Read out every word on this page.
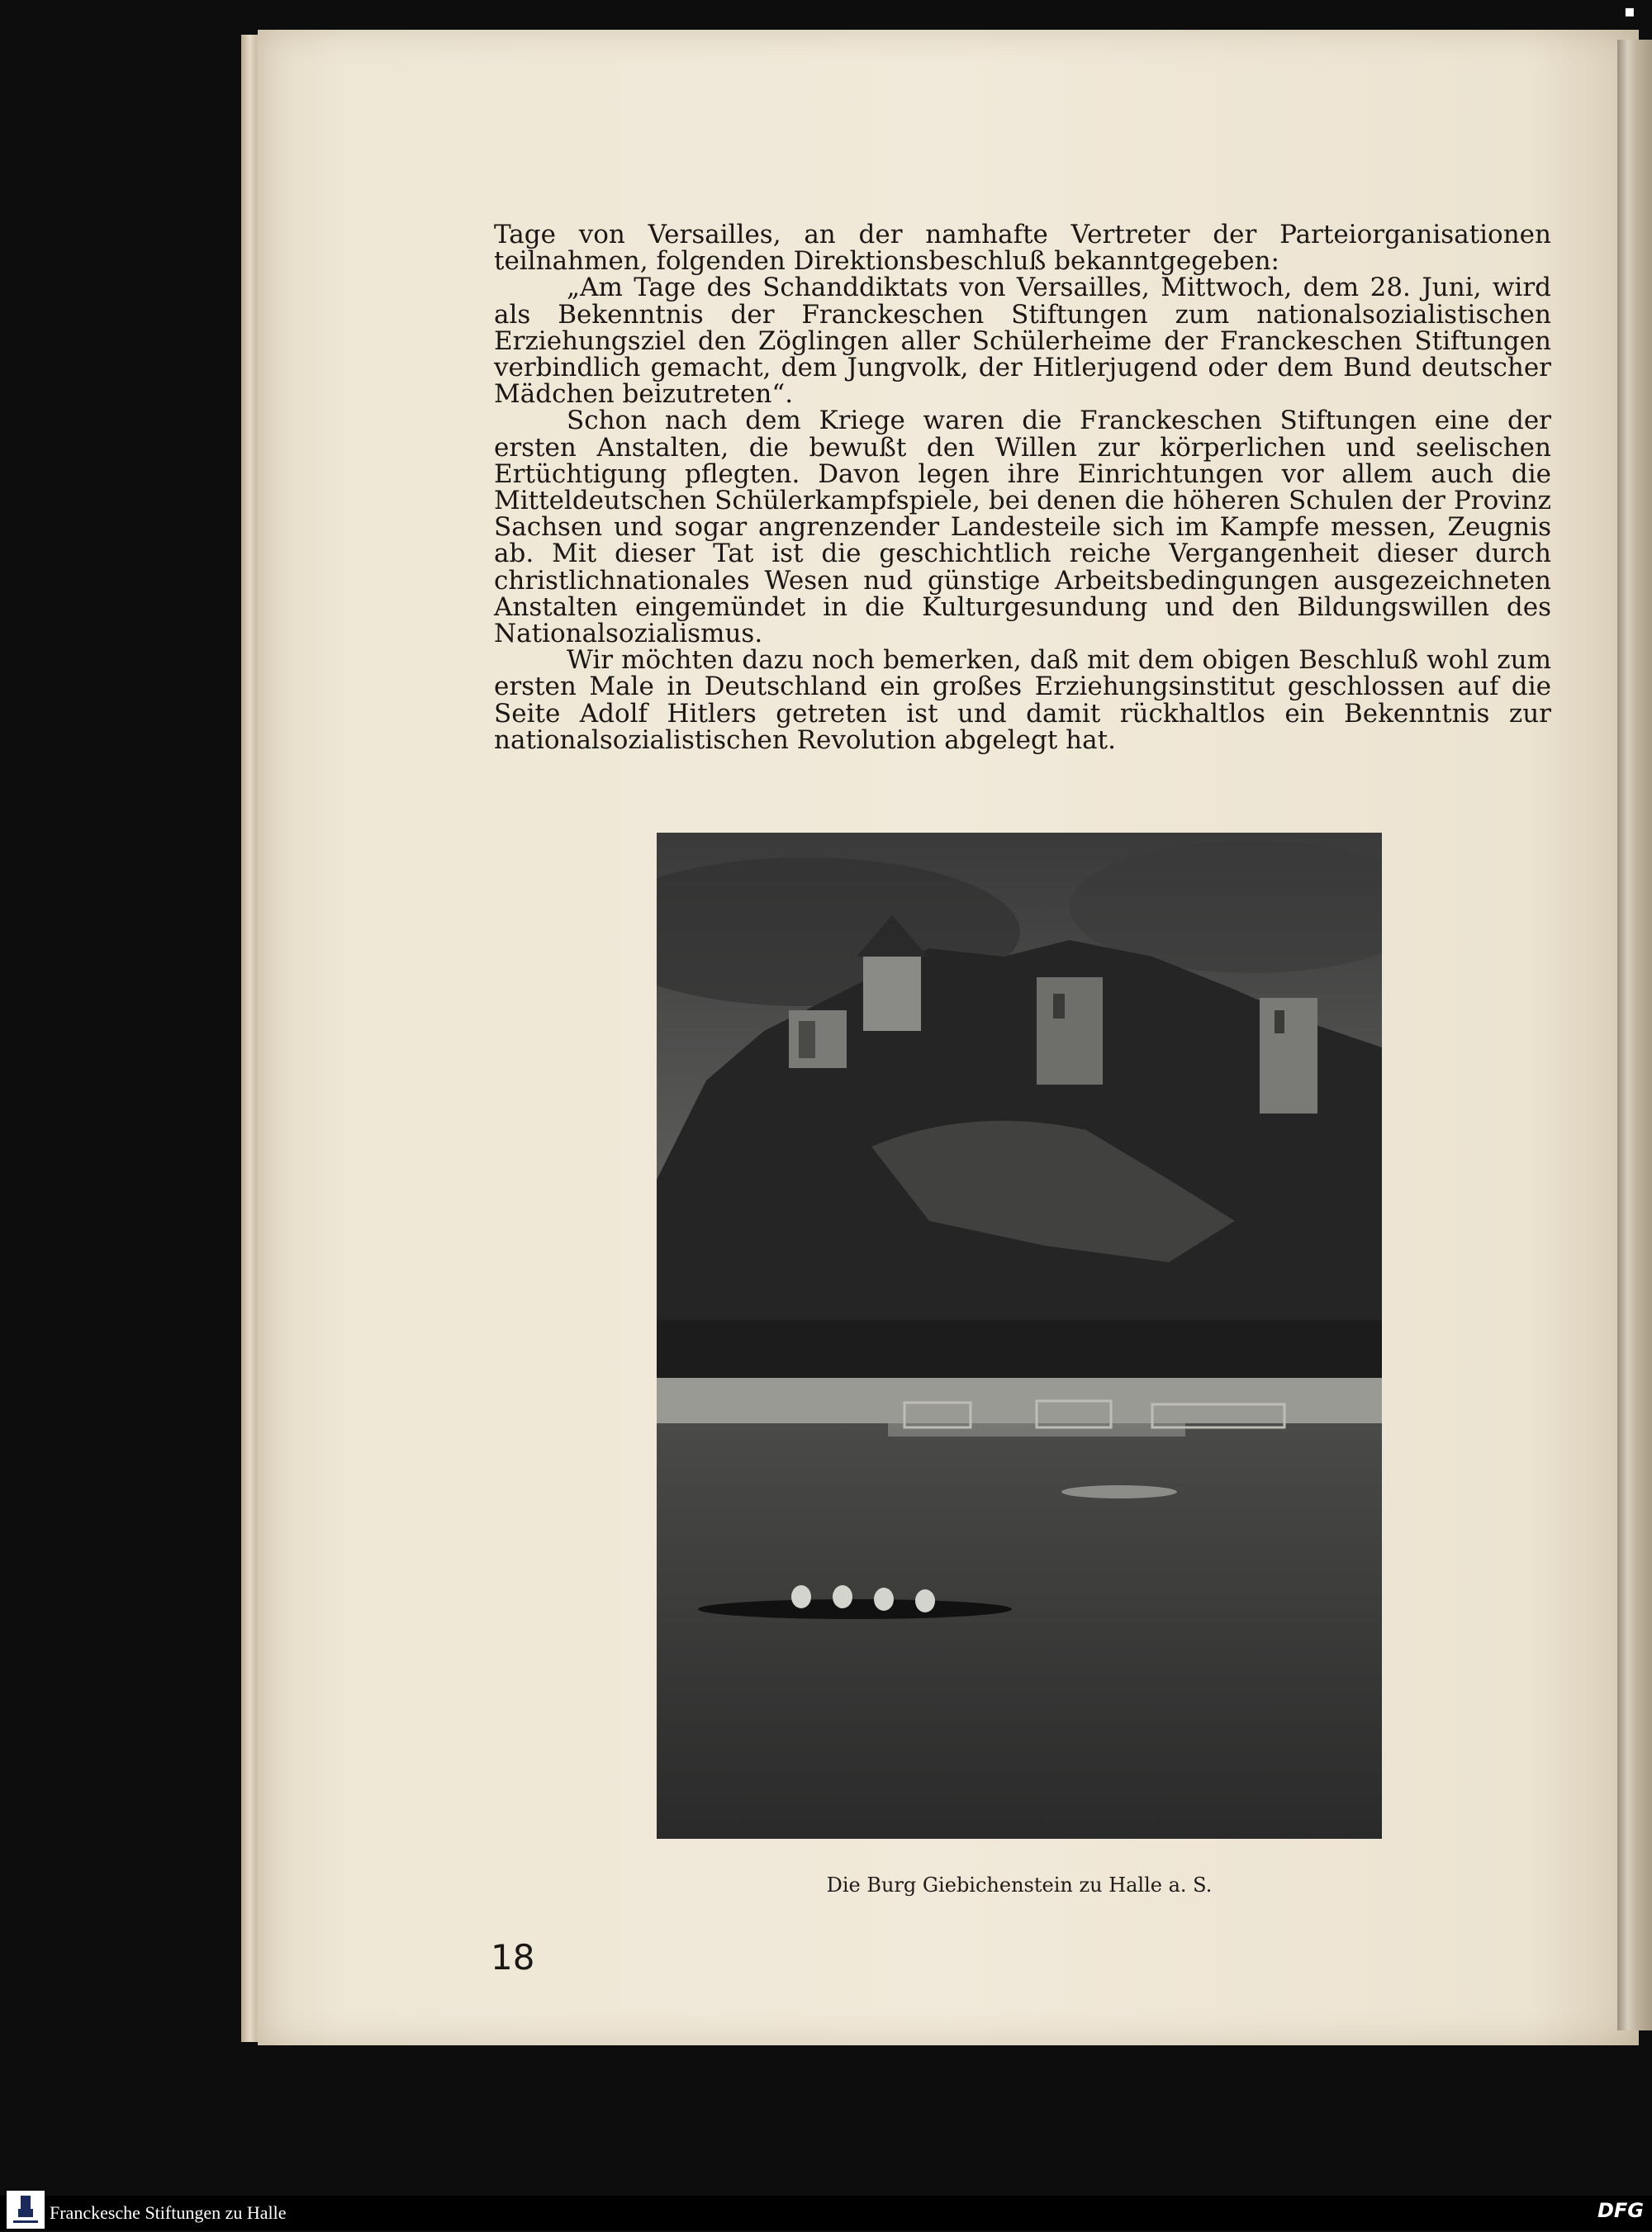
▪

Tage von Versailles, an der namhafte Vertreter der Parteiorganisationen teilnahmen, folgenden Direktionsbeschluß bekanntgegeben:

„Am Tage des Schanddiktats von Versailles, Mittwoch, dem 28. Juni, wird als Bekenntnis der Franckeschen Stiftungen zum nationalsozialistischen Erziehungsziel den Zöglingen aller Schülerheime der Franckeschen Stiftungen verbindlich gemacht, dem Jungvolk, der Hitlerjugend oder dem Bund deutscher Mädchen beizutreten“.

Schon nach dem Kriege waren die Franckeschen Stiftungen eine der ersten Anstalten, die bewußt den Willen zur körperlichen und seelischen Ertüchtigung pflegten. Davon legen ihre Einrichtungen vor allem auch die Mitteldeutschen Schülerkampfspiele, bei denen die höheren Schulen der Provinz Sachsen und sogar angrenzender Landesteile sich im Kampfe messen, Zeugnis ab. Mit dieser Tat ist die geschichtlich reiche Vergangenheit dieser durch christlichnationales Wesen nud günstige Arbeitsbedingungen ausgezeichneten Anstalten eingemündet in die Kulturgesundung und den Bildungswillen des Nationalsozialismus.

Wir möchten dazu noch bemerken, daß mit dem obigen Beschluß wohl zum ersten Male in Deutschland ein großes Erziehungsinstitut geschlossen auf die Seite Adolf Hitlers getreten ist und damit rückhaltlos ein Bekenntnis zur nationalsozialistischen Revolution abgelegt hat.

Die Burg Giebichenstein zu Halle a. S.
18
Franckesche Stiftungen zu Halle	DFG
